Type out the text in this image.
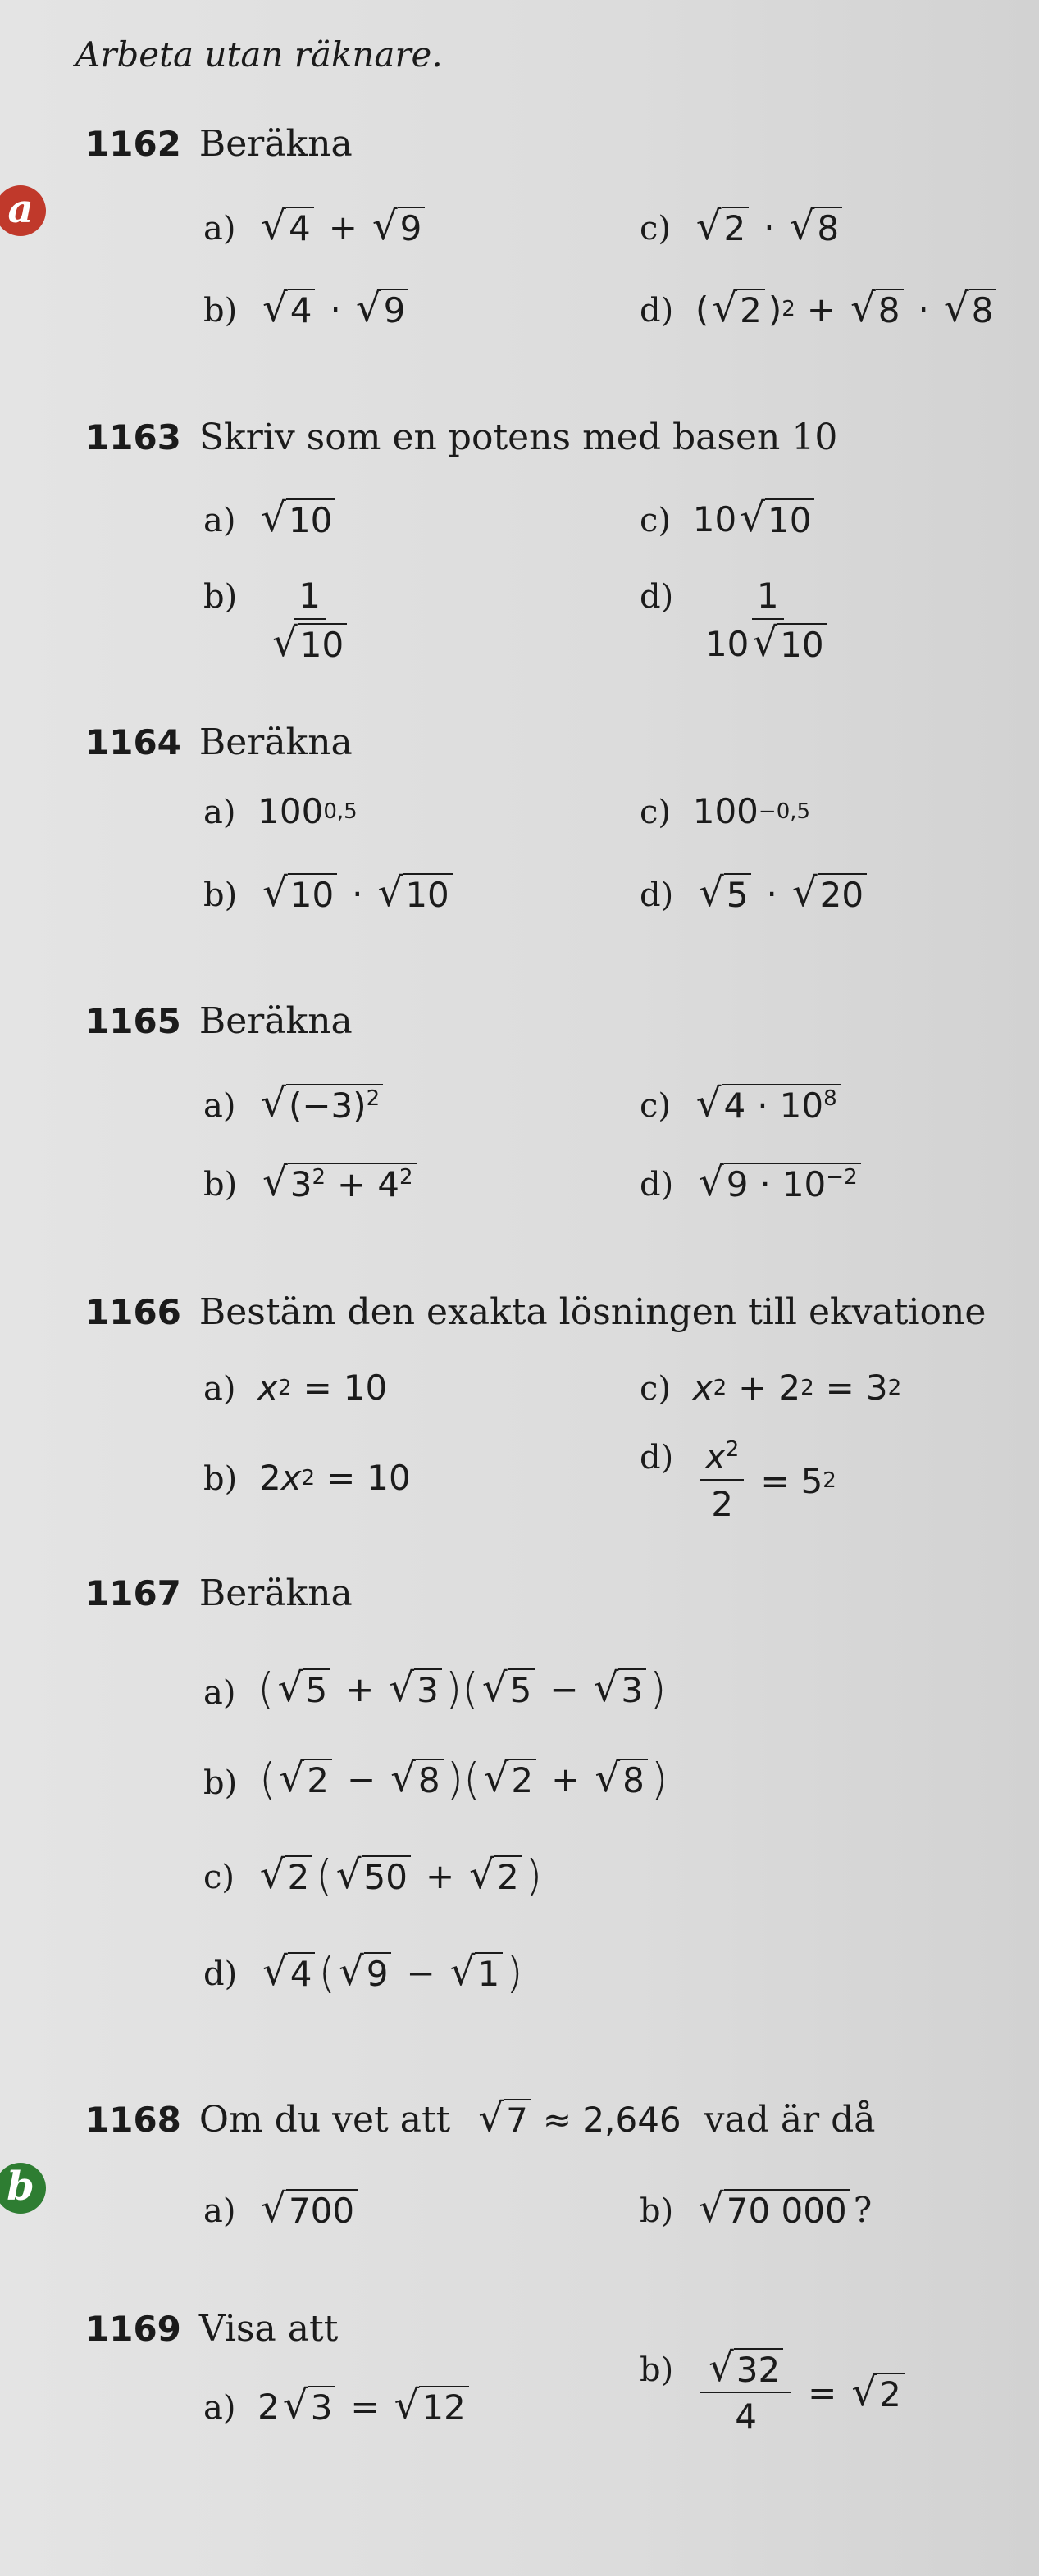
Arbeta utan räknare.
1162 Beräkna
a	a) √ 4 + √ 9	c) √ 2 · √ 8
b) √ 4 · √ 9	d) ( √ 2 ) 2 + √ 8 · √ 8
1163 Skriv som en potens med basen 10
a) √ 10	c) 10 √ 10
$b) \frac{1}{√ 10}$	$d) \frac{1}{10 √ 10}$
1164 Beräkna
a) 100 0,5	c) 100 −0,5
b) √ 10 · √ 10	d) √ 5 · √ 20
1165 Beräkna
a) √ $(-3)^2$	c) √ $4 \cdot 10^8$
b) √ $3^2 + 4^2$	d) √ $9 \cdot 10^{-2}$
1166 Bestäm den exakta lösningen till ekvatione
a) x 2 = 10	c) x 2 + 2 2 = 3 2
b) 2 x 2 = 10	$d) \frac{x^2}{2} = 5$ 2
1167 Beräkna
a) ( √ 5 + √ 3 ) ( √ 5 − √ 3 )
b) ( √ 2 − √ 8 ) ( √ 2 + √ 8 )
c) √ 2 ( √ 50 + √ 2 )
d) √ 4 ( √ 9 − √ 1 )
1168 Om du vet att √ 7 ≈ 2,646 vad är då
b
a) √ 700	b) √ 70 000 ?
1169 Visa att
a) 2 √ 3 = √ 12
$b) \frac{√ 32}{4}$ = √ 2
